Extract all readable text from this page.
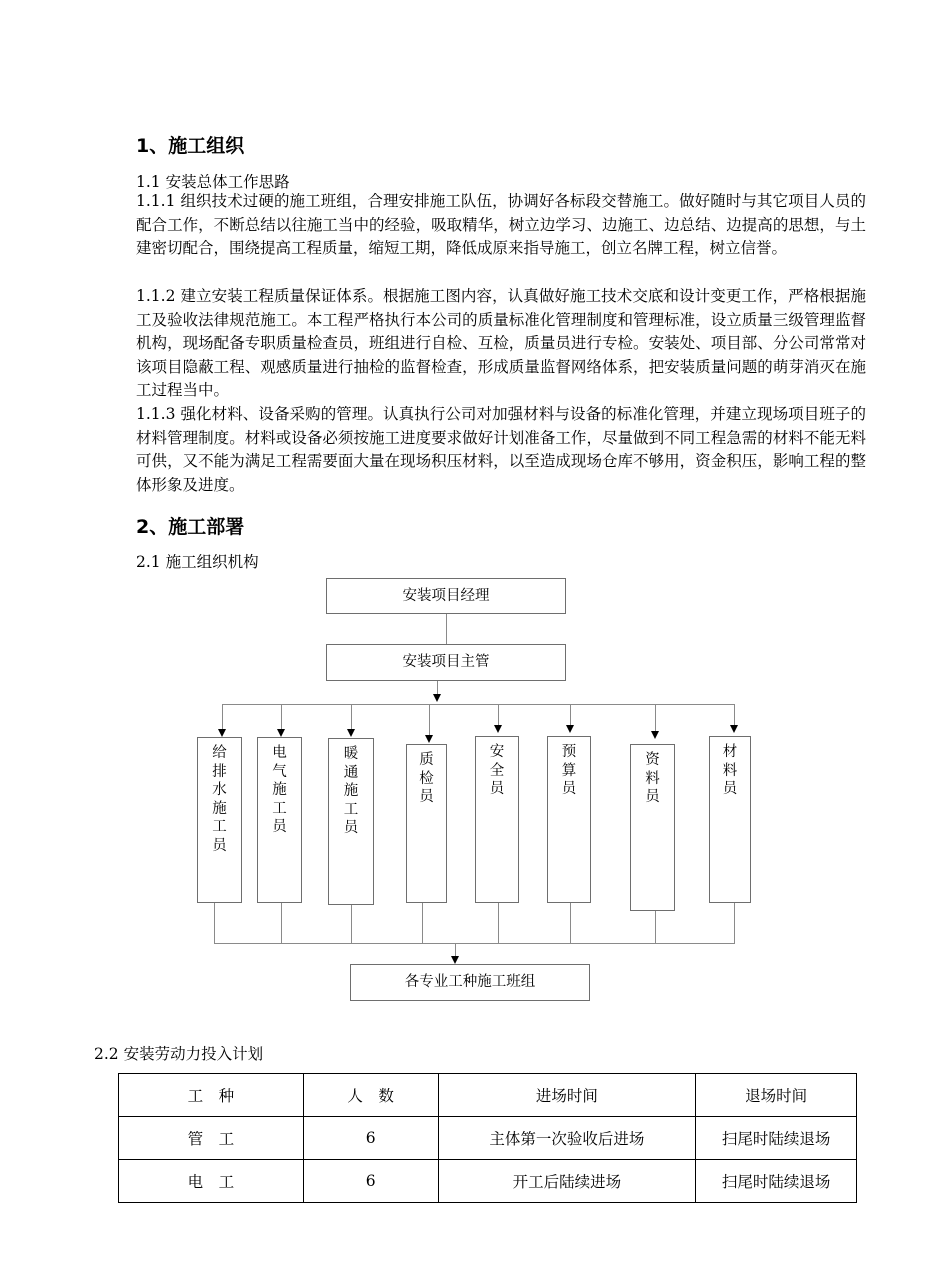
1、施工组织
1.1 安装总体工作思路
1.1.1 组织技术过硬的施工班组，合理安排施工队伍，协调好各标段交替施工。做好随时与其它项目人员的配合工作，不断总结以往施工当中的经验，吸取精华，树立边学习、边施工、边总结、边提高的思想，与土建密切配合，围绕提高工程质量，缩短工期，降低成原来指导施工，创立名牌工程，树立信誉。
1.1.2 建立安装工程质量保证体系。根据施工图内容，认真做好施工技术交底和设计变更工作，严格根据施工及验收法律规范施工。本工程严格执行本公司的质量标准化管理制度和管理标准，设立质量三级管理监督机构，现场配备专职质量检查员，班组进行自检、互检，质量员进行专检。安装处、项目部、分公司常常对该项目隐蔽工程、观感质量进行抽检的监督检查，形成质量监督网络体系，把安装质量问题的萌芽消灭在施工过程当中。
1.1.3 强化材料、设备采购的管理。认真执行公司对加强材料与设备的标准化管理，并建立现场项目班子的材料管理制度。材料或设备必须按施工进度要求做好计划准备工作，尽量做到不同工程急需的材料不能无料可供，又不能为满足工程需要面大量在现场积压材料，以至造成现场仓库不够用，资金积压，影响工程的整体形象及进度。
2、施工部署
2.1 施工组织机构
安装项目经理
安装项目主管
给
排
水
施
工
员
电
气
施
工
员
暖
通
施
工
员
质
检
员
安
全
员
预
算
员
资
料
员
材
料
员
各专业工种施工班组
2.2 安装劳动力投入计划
工　种	人　数	进场时间	退场时间
管　工	6	主体第一次验收后进场	扫尾时陆续退场
电　工	6	开工后陆续进场	扫尾时陆续退场
